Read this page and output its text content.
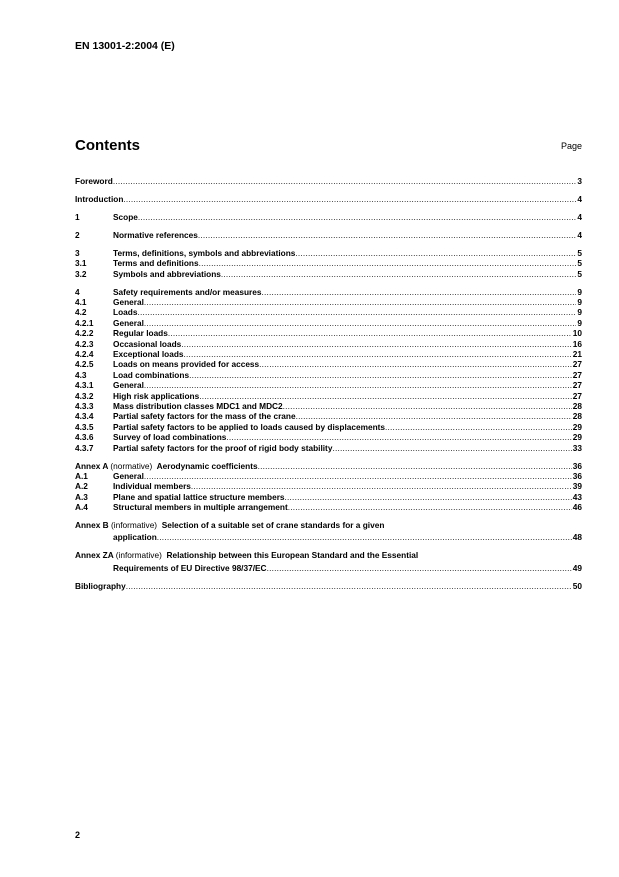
EN 13001-2:2004 (E)
Contents	Page
Foreword .....	3
Introduction .....	4
1	Scope .....	4
2	Normative references .....	4
3	Terms, definitions, symbols and abbreviations .....	5
3.1	Terms and definitions .....	5
3.2	Symbols and abbreviations .....	5
4	Safety requirements and/or measures .....	9
4.1	General .....	9
4.2	Loads .....	9
4.2.1	General .....	9
4.2.2	Regular loads .....	10
4.2.3	Occasional loads .....	16
4.2.4	Exceptional loads .....	21
4.2.5	Loads on means provided for access .....	27
4.3	Load combinations .....	27
4.3.1	General .....	27
4.3.2	High risk applications .....	27
4.3.3	Mass distribution classes MDC1 and MDC2 .....	28
4.3.4	Partial safety factors for the mass of the crane .....	28
4.3.5	Partial safety factors to be applied to loads caused by displacements .....	29
4.3.6	Survey of load combinations .....	29
4.3.7	Partial safety factors for the proof of rigid body stability .....	33
Annex A (normative) Aerodynamic coefficients .....	36
A.1	General .....	36
A.2	Individual members .....	39
A.3	Plane and spatial lattice structure members .....	43
A.4	Structural members in multiple arrangement .....	46
Annex B (informative) Selection of a suitable set of crane standards for a given
application .....	48
Annex ZA (informative) Relationship between this European Standard and the Essential
Requirements of EU Directive 98/37/EC .....	49
Bibliography .....	50
2
